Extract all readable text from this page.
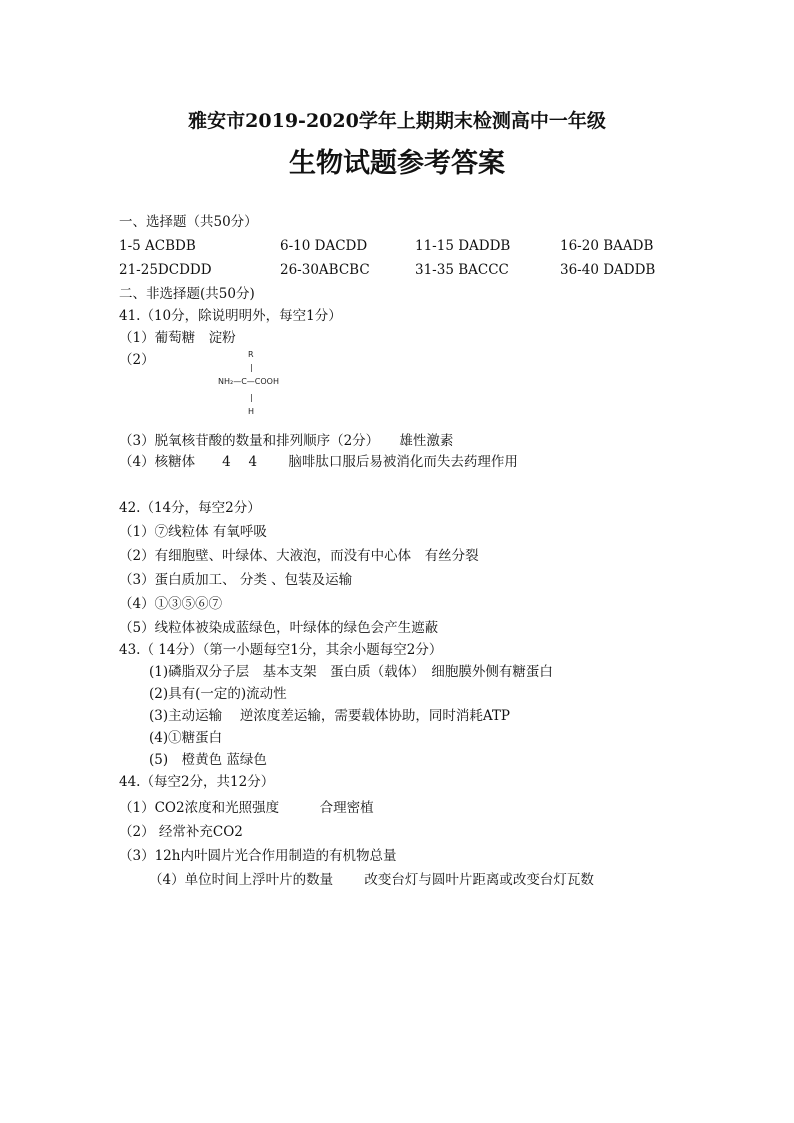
雅安市2019-2020学年上期期末检测高中一年级
生物试题参考答案
一、选择题（共50分）
1-5 ACBDB	6-10 DACDD	11-15 DADDB	16-20 BAADB
21-25DCDDD	26-30ABCBC	31-35 BACCC	36-40 DADDB
二、非选择题(共50分)
41.（10分，除说明明外，每空1分）
（1）葡萄糖　淀粉
（2）	R
|
NH₂—C—COOH
|
H
（3）脱氧核苷酸的数量和排列顺序（2分）　　雄性激素
（4）核糖体　　4　 4　　 脑啡肽口服后易被消化而失去药理作用
42.（14分，每空2分）
（1）⑦线粒体 有氧呼吸
（2）有细胞壁、叶绿体、大液泡，而没有中心体　有丝分裂
（3）蛋白质加工、 分类 、包装及运输
（4）①③⑤⑥⑦
（5）线粒体被染成蓝绿色，叶绿体的绿色会产生遮蔽
43.（ 14分）（第一小题每空1分，其余小题每空2分）
(1)磷脂双分子层　基本支架　蛋白质（载体）　细胞膜外侧有糖蛋白
(2)具有(一定的)流动性
(3)主动运输　 逆浓度差运输，需要载体协助，同时消耗ATP
(4)①糖蛋白
(5)　橙黄色 蓝绿色
44.（每空2分，共12分）
（1）CO2浓度和光照强度　　　合理密植
（2） 经常补充CO2
（3）12h内叶圆片光合作用制造的有机物总量
（4）单位时间上浮叶片的数量　　 改变台灯与圆叶片距离或改变台灯瓦数
